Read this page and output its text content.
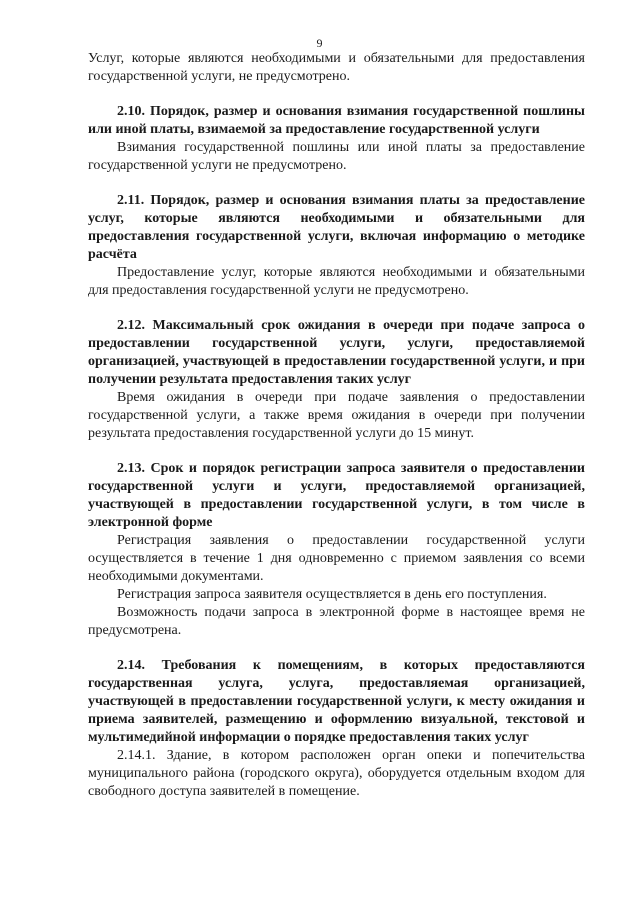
9

Услуг, которые являются необходимыми и обязательными для предоставления государственной услуги, не предусмотрено.

2.10. Порядок, размер и основания взимания государственной пошлины или иной платы, взимаемой за предоставление государственной услуги

Взимания государственной пошлины или иной платы за предоставление государственной услуги не предусмотрено.

2.11. Порядок, размер и основания взимания платы за предоставление услуг, которые являются необходимыми и обязательными для предоставления государственной услуги, включая информацию о методике расчёта

Предоставление услуг, которые являются необходимыми и обязательными для предоставления государственной услуги не предусмотрено.

2.12. Максимальный срок ожидания в очереди при подаче запроса о предоставлении государственной услуги, услуги, предоставляемой организацией, участвующей в предоставлении государственной услуги, и при получении результата предоставления таких услуг

Время ожидания в очереди при подаче заявления о предоставлении государственной услуги, а также время ожидания в очереди при получении результата предоставления государственной услуги до 15 минут.

2.13. Срок и порядок регистрации запроса заявителя о предоставлении государственной услуги и услуги, предоставляемой организацией, участвующей в предоставлении государственной услуги, в том числе в электронной форме

Регистрация заявления о предоставлении государственной услуги осуществляется в течение 1 дня одновременно с приемом заявления со всеми необходимыми документами.

Регистрация запроса заявителя осуществляется в день его поступления.

Возможность подачи запроса в электронной форме в настоящее время не предусмотрена.

2.14. Требования к помещениям, в которых предоставляются государственная услуга, услуга, предоставляемая организацией, участвующей в предоставлении государственной услуги, к месту ожидания и приема заявителей, размещению и оформлению визуальной, текстовой и мультимедийной информации о порядке предоставления таких услуг

2.14.1. Здание, в котором расположен орган опеки и попечительства муниципального района (городского округа), оборудуется отдельным входом для свободного доступа заявителей в помещение.
